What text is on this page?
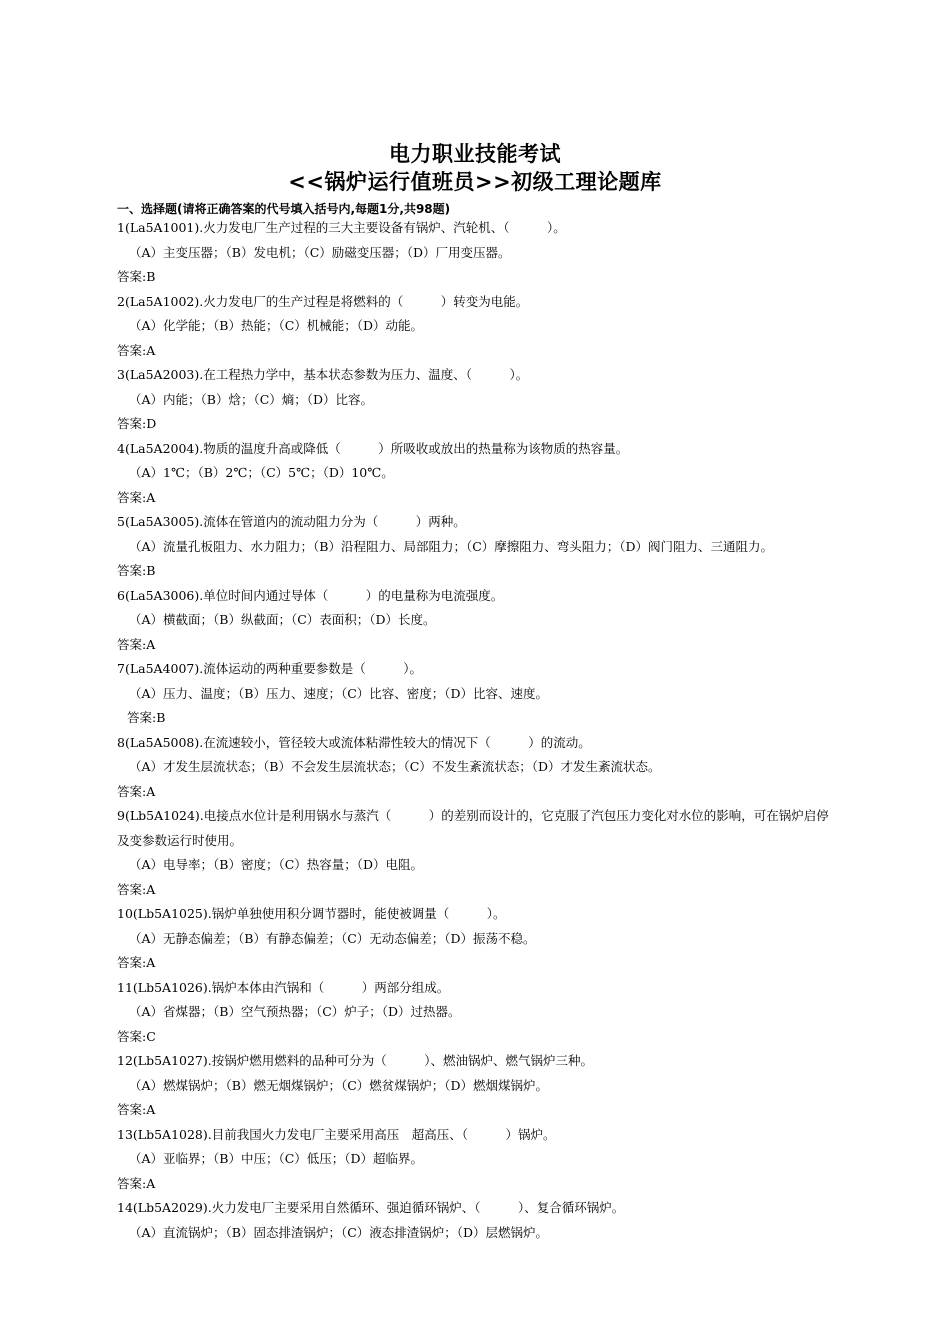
电力职业技能考试
<<锅炉运行值班员>>初级工理论题库
一、选择题(请将正确答案的代号填入括号内,每题1分,共98题)
1(La5A1001).火力发电厂生产过程的三大主要设备有锅炉、汽轮机、（　　　）。
（A）主变压器；（B）发电机；（C）励磁变压器；（D）厂用变压器。
答案:B
2(La5A1002).火力发电厂的生产过程是将燃料的（　　　）转变为电能。
（A）化学能；（B）热能；（C）机械能；（D）动能。
答案:A
3(La5A2003).在工程热力学中，基本状态参数为压力、温度、（　　　）。
（A）内能；（B）焓；（C）熵；（D）比容。
答案:D
4(La5A2004).物质的温度升高或降低（　　　）所吸收或放出的热量称为该物质的热容量。
（A）1℃；（B）2℃；（C）5℃；（D）10℃。
答案:A
5(La5A3005).流体在管道内的流动阻力分为（　　　）两种。
（A）流量孔板阻力、水力阻力；（B）沿程阻力、局部阻力；（C）摩擦阻力、弯头阻力；（D）阀门阻力、三通阻力。
答案:B
6(La5A3006).单位时间内通过导体（　　　）的电量称为电流强度。
（A）横截面；（B）纵截面；（C）表面积；（D）长度。
答案:A
7(La5A4007).流体运动的两种重要参数是（　　　）。
（A）压力、温度；（B）压力、速度；（C）比容、密度；（D）比容、速度。
答案:B
8(La5A5008).在流速较小，管径较大或流体粘滞性较大的情况下（　　　）的流动。
（A）才发生层流状态；（B）不会发生层流状态；（C）不发生紊流状态；（D）才发生紊流状态。
答案:A
9(Lb5A1024).电接点水位计是利用锅水与蒸汽（　　　）的差别而设计的，它克服了汽包压力变化对水位的影响，可在锅炉启停及变参数运行时使用。
（A）电导率；（B）密度；（C）热容量；（D）电阻。
答案:A
10(Lb5A1025).锅炉单独使用积分调节器时，能使被调量（　　　）。
（A）无静态偏差；（B）有静态偏差；（C）无动态偏差；（D）振荡不稳。
答案:A
11(Lb5A1026).锅炉本体由汽锅和（　　　）两部分组成。
（A）省煤器；（B）空气预热器；（C）炉子；（D）过热器。
答案:C
12(Lb5A1027).按锅炉燃用燃料的品种可分为（　　　）、燃油锅炉、燃气锅炉三种。
（A）燃煤锅炉；（B）燃无烟煤锅炉；（C）燃贫煤锅炉；（D）燃烟煤锅炉。
答案:A
13(Lb5A1028).目前我国火力发电厂主要采用高压　超高压、（　　　）锅炉。
（A）亚临界；（B）中压；（C）低压；（D）超临界。
答案:A
14(Lb5A2029).火力发电厂主要采用自然循环、强迫循环锅炉、（　　　）、复合循环锅炉。
（A）直流锅炉；（B）固态排渣锅炉；（C）液态排渣锅炉；（D）层燃锅炉。
